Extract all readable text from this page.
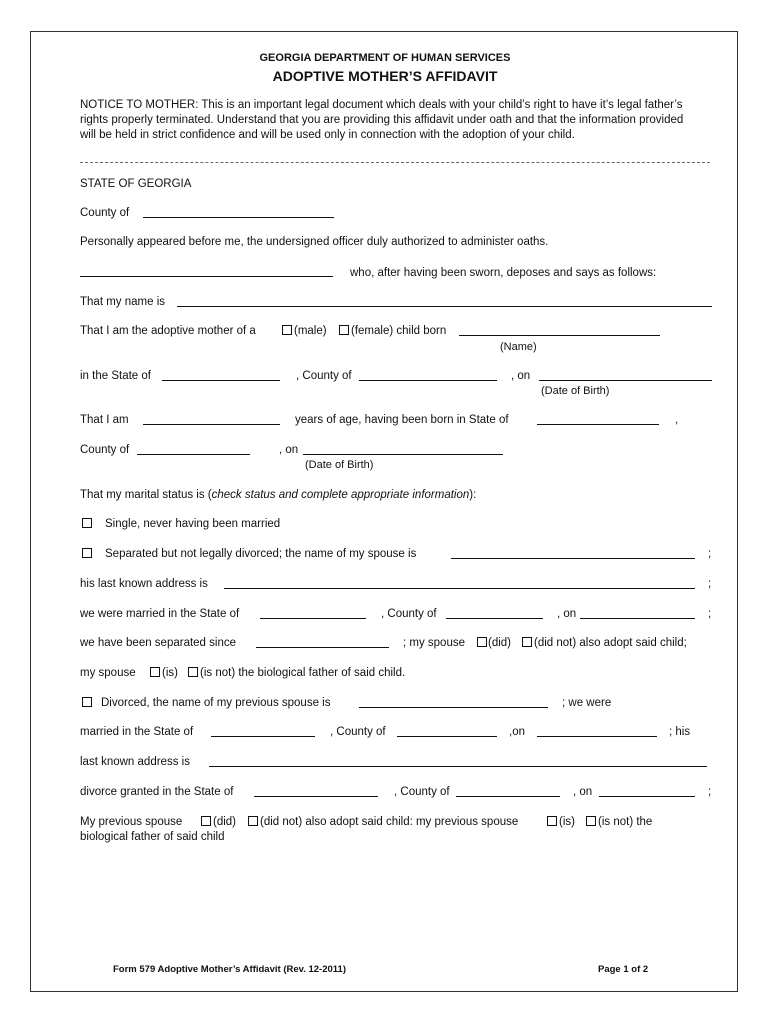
GEORGIA DEPARTMENT OF HUMAN SERVICES
ADOPTIVE MOTHER’S AFFIDAVIT
NOTICE TO MOTHER: This is an important legal document which deals with your child’s right to have it’s legal father’s rights properly terminated. Understand that you are providing this affidavit under oath and that the information provided will be held in strict confidence and will be used only in connection with the adoption of your child.
STATE OF GEORGIA
County of
Personally appeared before me, the undersigned officer duly authorized to administer oaths.
who, after having been sworn, deposes and says as follows:
That my name is
That I am the adoptive mother of a	(male) (female) child born
(Name)
in the State of	, County of	, on
(Date of Birth)
That I am	years of age, having been born in State of	,
County of	, on
(Date of Birth)
That my marital status is (check status and complete appropriate information):
Single, never having been married
Separated but not legally divorced; the name of my spouse is	;
his last known address is	;
we were married in the State of	, County of	, on	;
we have been separated since	; my spouse (did) (did not) also adopt said child;
my spouse (is) (is not) the biological father of said child.
Divorced, the name of my previous spouse is	; we were
married in the State of	, County of	,on	; his
last known address is
divorce granted in the State of	, County of	, on	;
My previous spouse	(did) (did not) also adopt said child: my previous spouse	(is) (is not) the
biological father of said child
Form 579 Adoptive Mother’s Affidavit (Rev. 12-2011)	Page 1 of 2
